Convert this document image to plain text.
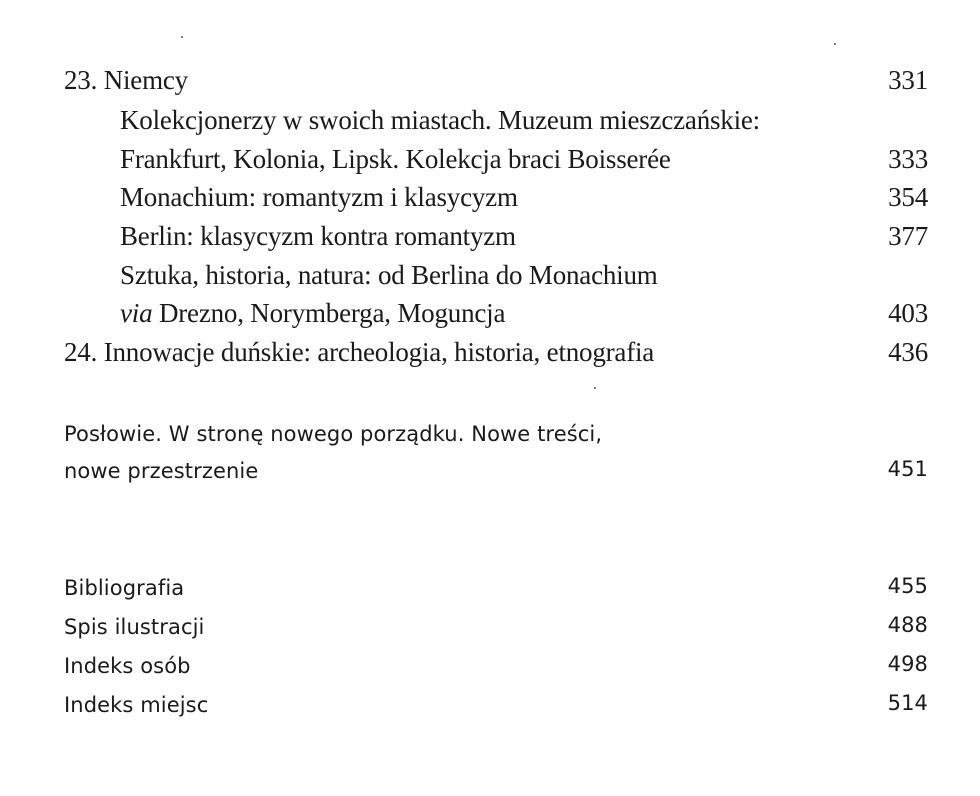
23. Niemcy	331
Kolekcjonerzy w swoich miastach. Muzeum mieszczańskie:
Frankfurt, Kolonia, Lipsk. Kolekcja braci Boisserée	333
Monachium: romantyzm i klasycyzm	354
Berlin: klasycyzm kontra romantyzm	377
Sztuka, historia, natura: od Berlina do Monachium
via Drezno, Norymberga, Moguncja	403
24. Innowacje duńskie: archeologia, historia, etnografia	436
Posłowie. W stronę nowego porządku. Nowe treści,
nowe przestrzenie	451
Bibliografia	455
Spis ilustracji	488
Indeks osób	498
Indeks miejsc	514
